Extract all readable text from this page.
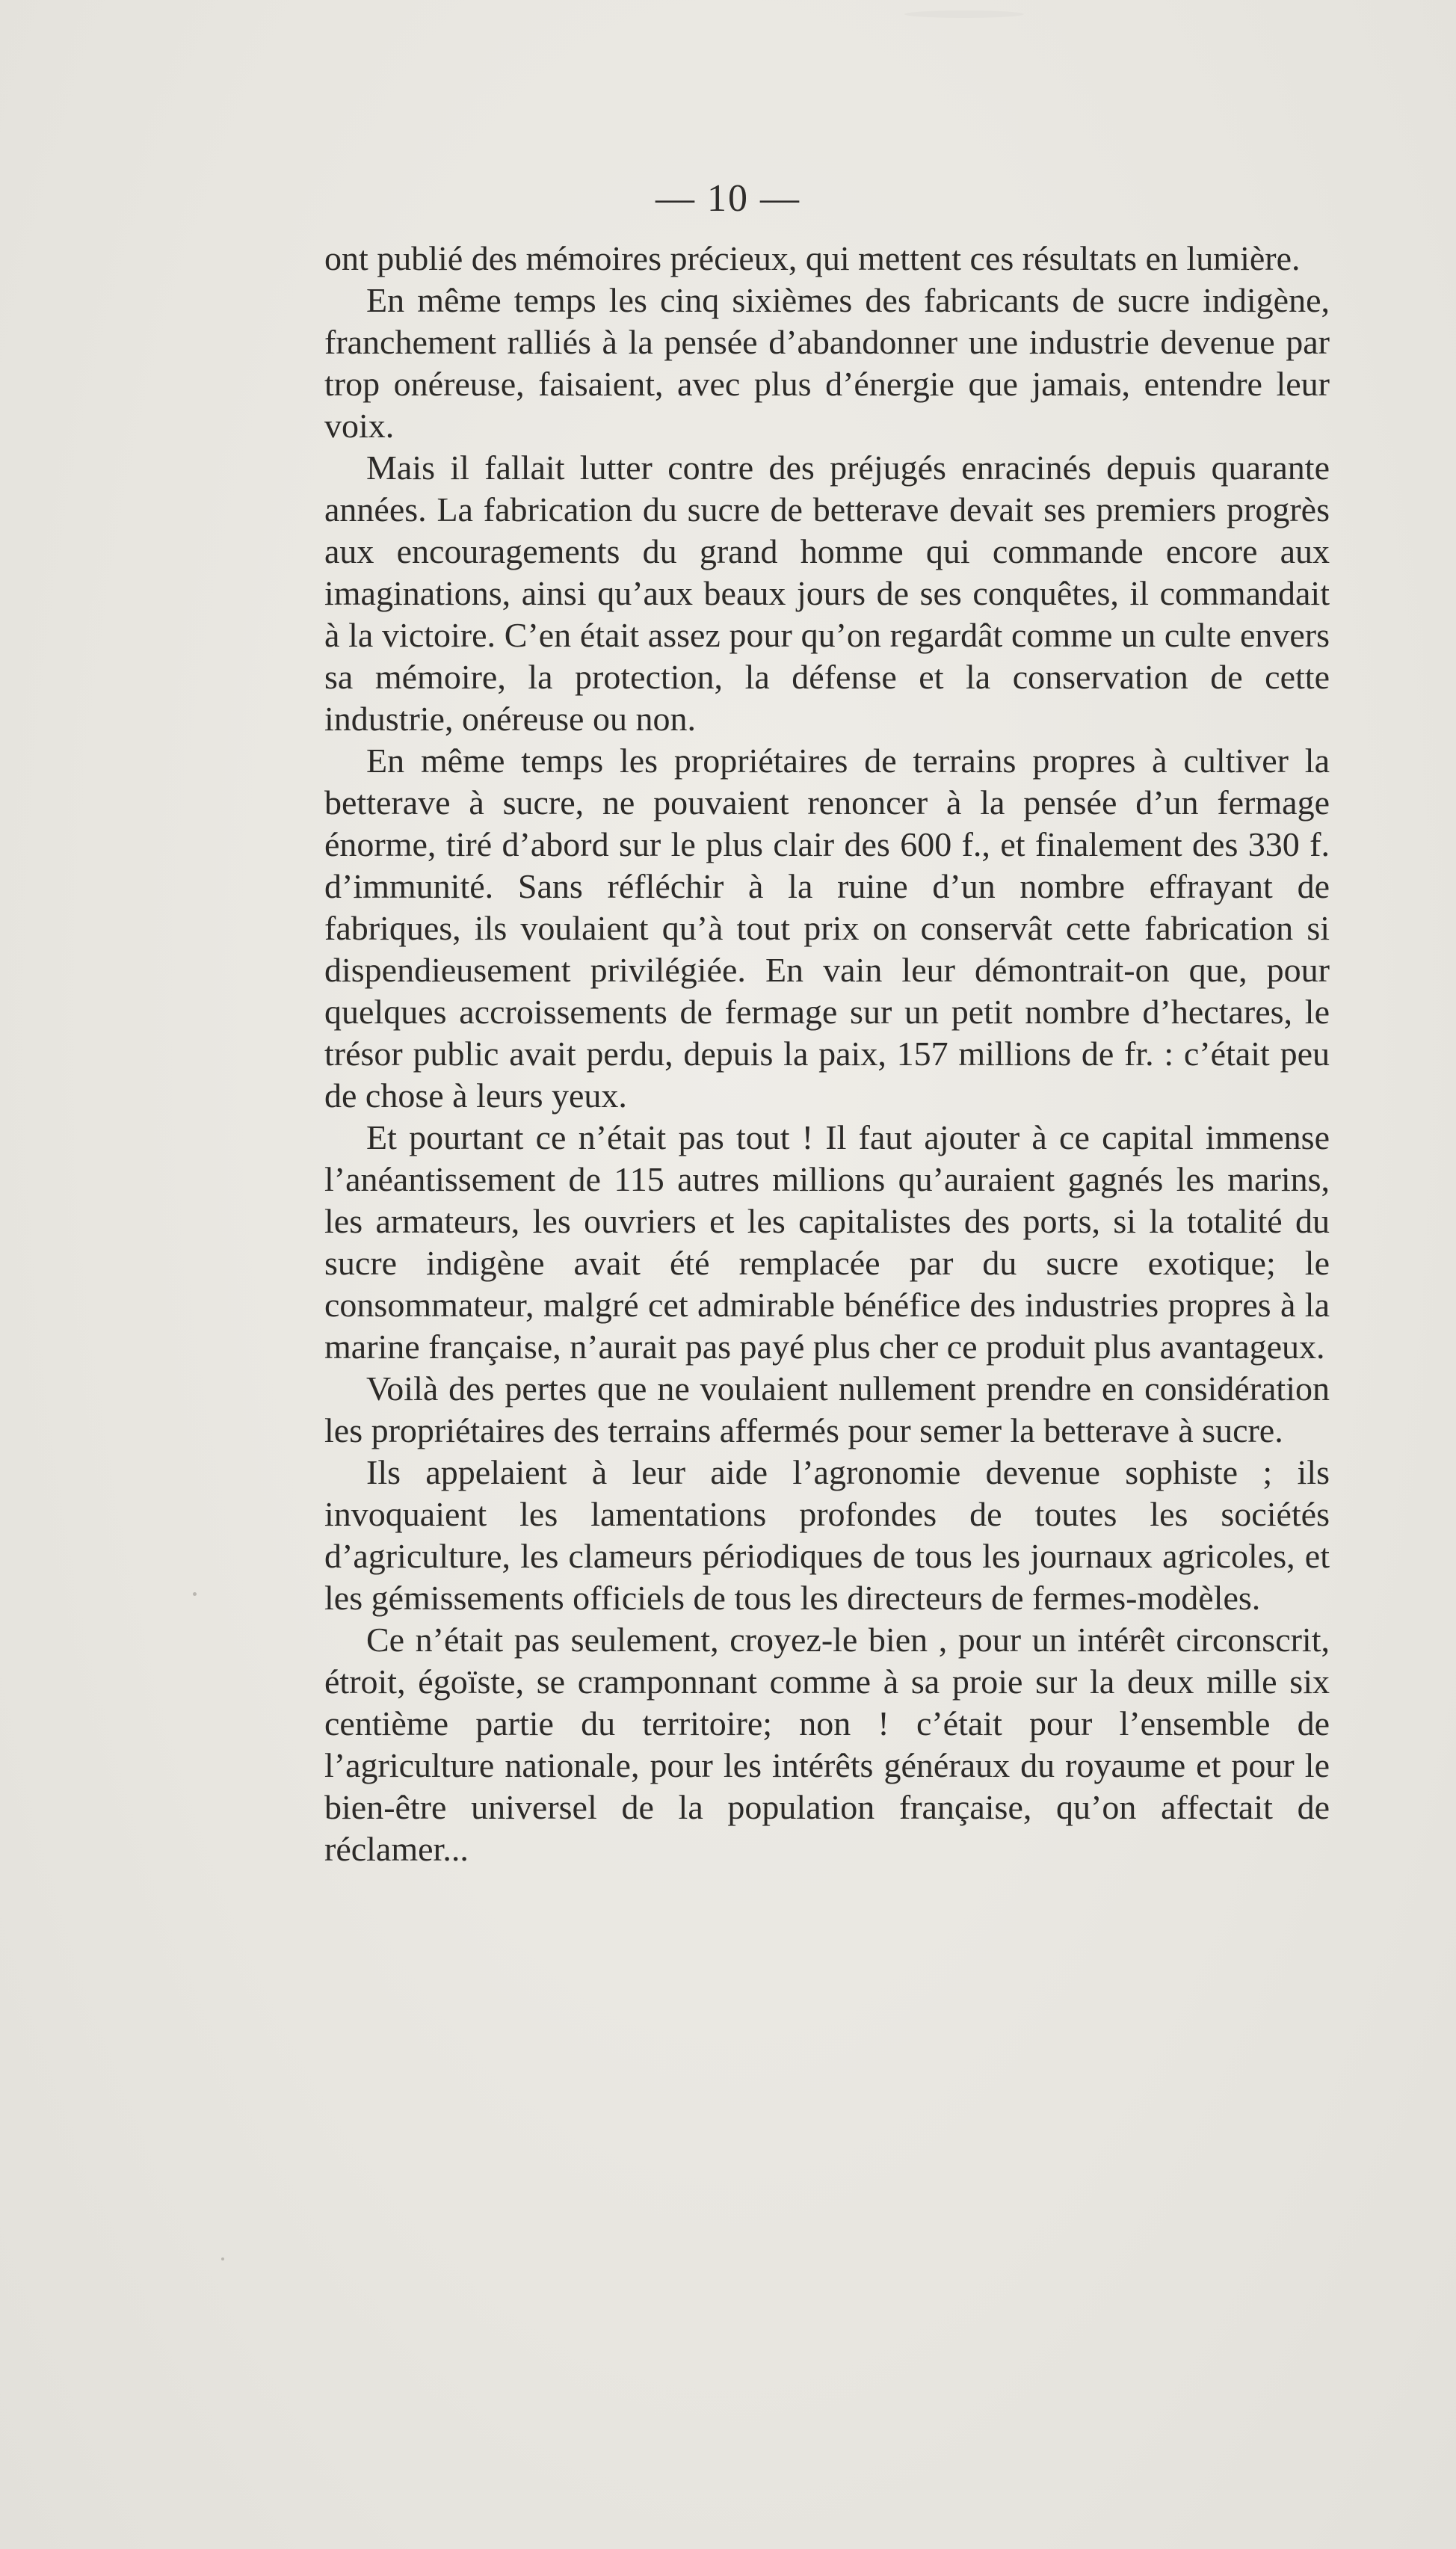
— 10 —

ont publié des mémoires précieux, qui mettent ces résultats en lumière.

En même temps les cinq sixièmes des fabricants de sucre indigène, franchement ralliés à la pensée d’abandonner une industrie devenue par trop onéreuse, faisaient, avec plus d’énergie que jamais, entendre leur voix.

Mais il fallait lutter contre des préjugés enracinés depuis quarante années. La fabrication du sucre de betterave devait ses premiers progrès aux encouragements du grand homme qui commande encore aux imaginations, ainsi qu’aux beaux jours de ses conquêtes, il commandait à la victoire. C’en était assez pour qu’on regardât comme un culte envers sa mémoire, la protection, la défense et la conservation de cette industrie, onéreuse ou non.

En même temps les propriétaires de terrains propres à cultiver la betterave à sucre, ne pouvaient renoncer à la pensée d’un fermage énorme, tiré d’abord sur le plus clair des 600 f., et finalement des 330 f. d’immunité. Sans réfléchir à la ruine d’un nombre effrayant de fabriques, ils voulaient qu’à tout prix on conservât cette fabrication si dispendieusement privilégiée. En vain leur démontrait-on que, pour quelques accroissements de fermage sur un petit nombre d’hectares, le trésor public avait perdu, depuis la paix, 157 millions de fr. : c’était peu de chose à leurs yeux.

Et pourtant ce n’était pas tout ! Il faut ajouter à ce capital immense l’anéantissement de 115 autres millions qu’auraient gagnés les marins, les armateurs, les ouvriers et les capitalistes des ports, si la totalité du sucre indigène avait été remplacée par du sucre exotique; le consommateur, malgré cet admirable bénéfice des industries propres à la marine française, n’aurait pas payé plus cher ce produit plus avantageux.

Voilà des pertes que ne voulaient nullement prendre en considération les propriétaires des terrains affermés pour semer la betterave à sucre.

Ils appelaient à leur aide l’agronomie devenue sophiste ; ils invoquaient les lamentations profondes de toutes les sociétés d’agriculture, les clameurs périodiques de tous les journaux agricoles, et les gémissements officiels de tous les directeurs de fermes-modèles.

Ce n’était pas seulement, croyez-le bien , pour un intérêt circonscrit, étroit, égoïste, se cramponnant comme à sa proie sur la deux mille six centième partie du territoire; non ! c’était pour l’ensemble de l’agriculture nationale, pour les intérêts généraux du royaume et pour le bien-être universel de la population française, qu’on affectait de réclamer...
